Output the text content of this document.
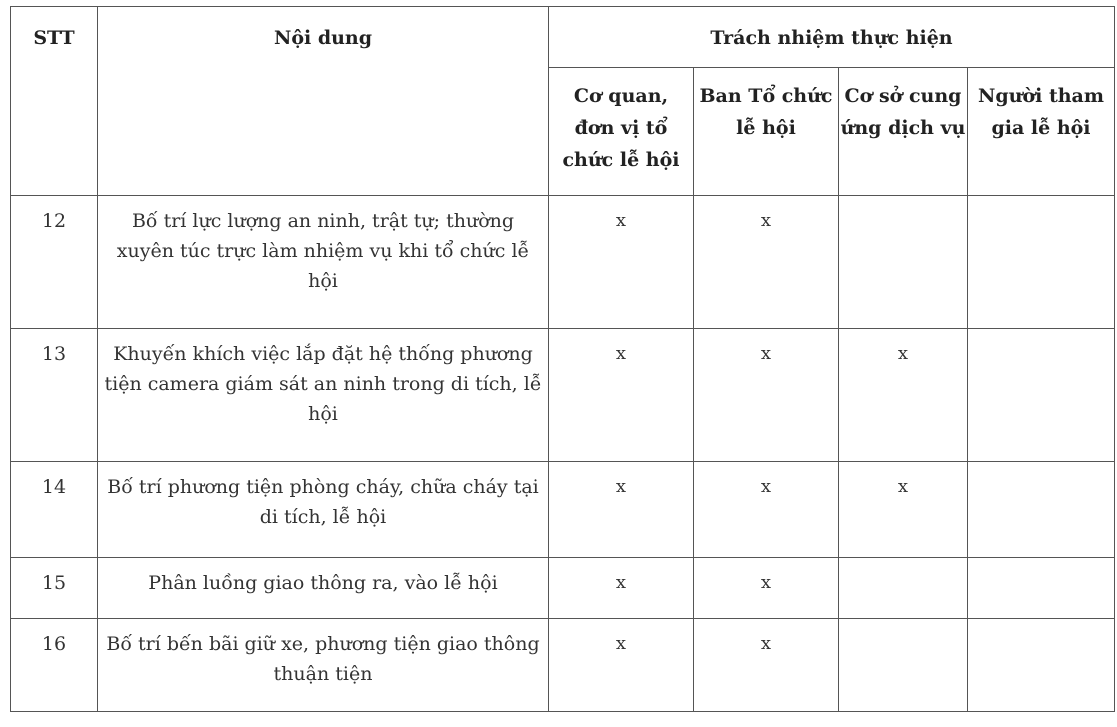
STT	Nội dung	Trách nhiệm thực hiện			
		Cơ quan, đơn vị tổ chức lễ hội	Ban Tổ chức lễ hội	Cơ sở cung ứng dịch vụ	Người tham gia lễ hội
12	Bố trí lực lượng an ninh, trật tự; thường xuyên túc trực làm nhiệm vụ khi tổ chức lễ hội	x	x		
13	Khuyến khích việc lắp đặt hệ thống phương tiện camera giám sát an ninh trong di tích, lễ hội	x	x	x	
14	Bố trí phương tiện phòng cháy, chữa cháy tại di tích, lễ hội	x	x	x	
15	Phân luồng giao thông ra, vào lễ hội	x	x		
16	Bố trí bến bãi giữ xe, phương tiện giao thông thuận tiện	x	x		
